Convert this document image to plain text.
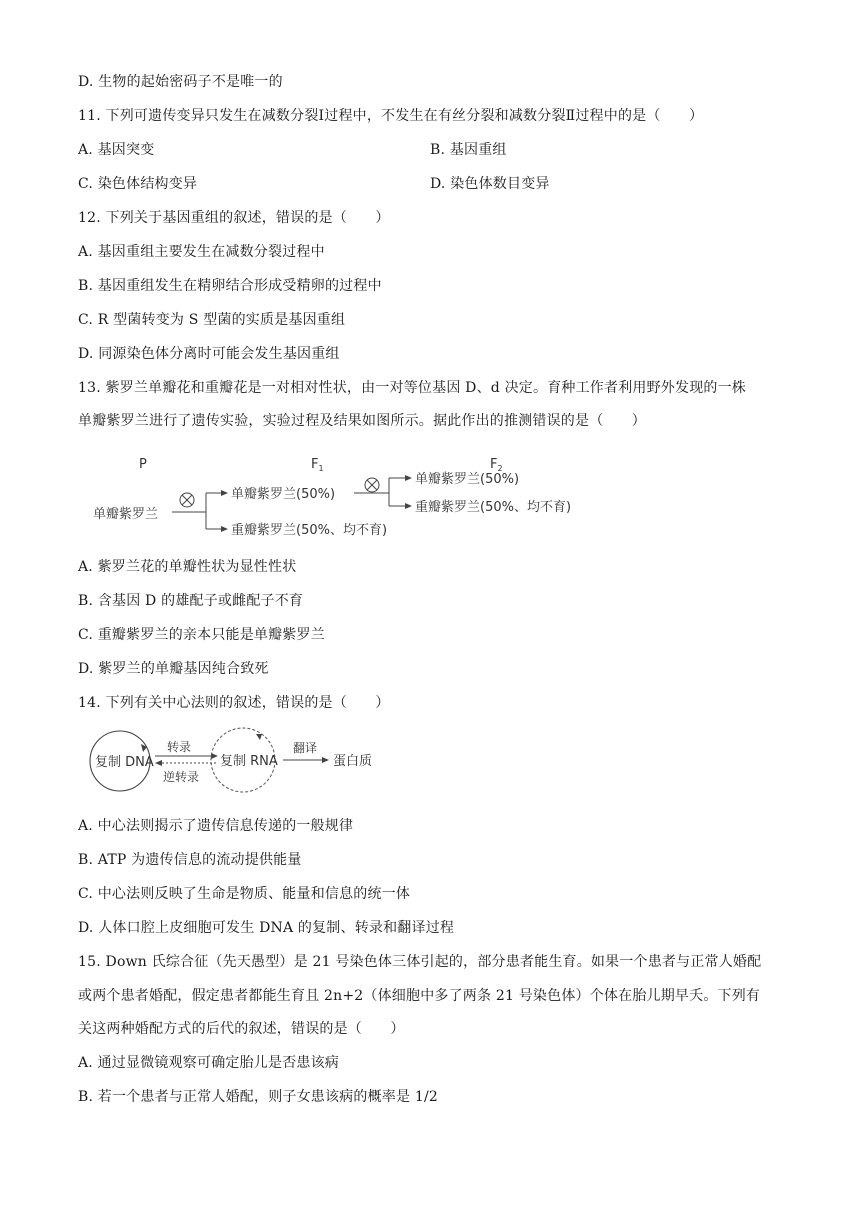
D. 生物的起始密码子不是唯一的
11. 下列可遗传变异只发生在减数分裂Ⅰ过程中，不发生在有丝分裂和减数分裂Ⅱ过程中的是（　　）
A. 基因突变	B. 基因重组
C. 染色体结构变异	D. 染色体数目变异
12. 下列关于基因重组的叙述，错误的是（　　）
A. 基因重组主要发生在减数分裂过程中
B. 基因重组发生在精卵结合形成受精卵的过程中
C. R 型菌转变为 S 型菌的实质是基因重组
D. 同源染色体分离时可能会发生基因重组
13. 紫罗兰单瓣花和重瓣花是一对相对性状，由一对等位基因 D、d 决定。育种工作者利用野外发现的一株
单瓣紫罗兰进行了遗传实验，实验过程及结果如图所示。据此作出的推测错误的是（　　）
P	$F_1$	$F_2$
单瓣紫罗兰
单瓣紫罗兰(50%)
重瓣紫罗兰(50%、均不育)
单瓣紫罗兰(50%)
重瓣紫罗兰(50%、均不育)
A. 紫罗兰花的单瓣性状为显性性状
B. 含基因 D 的雄配子或雌配子不育
C. 重瓣紫罗兰的亲本只能是单瓣紫罗兰
D. 紫罗兰的单瓣基因纯合致死
14. 下列有关中心法则的叙述，错误的是（　　）
复制 DNA
转录
逆转录
复制 RNA
翻译
蛋白质
A. 中心法则揭示了遗传信息传递的一般规律
B. ATP 为遗传信息的流动提供能量
C. 中心法则反映了生命是物质、能量和信息的统一体
D. 人体口腔上皮细胞可发生 DNA 的复制、转录和翻译过程
15. Down 氏综合征（先天愚型）是 21 号染色体三体引起的，部分患者能生育。如果一个患者与正常人婚配
或两个患者婚配，假定患者都能生育且 2n+2（体细胞中多了两条 21 号染色体）个体在胎儿期早夭。下列有
关这两种婚配方式的后代的叙述，错误的是（　　）
A. 通过显微镜观察可确定胎儿是否患该病
B. 若一个患者与正常人婚配，则子女患该病的概率是 1/2
